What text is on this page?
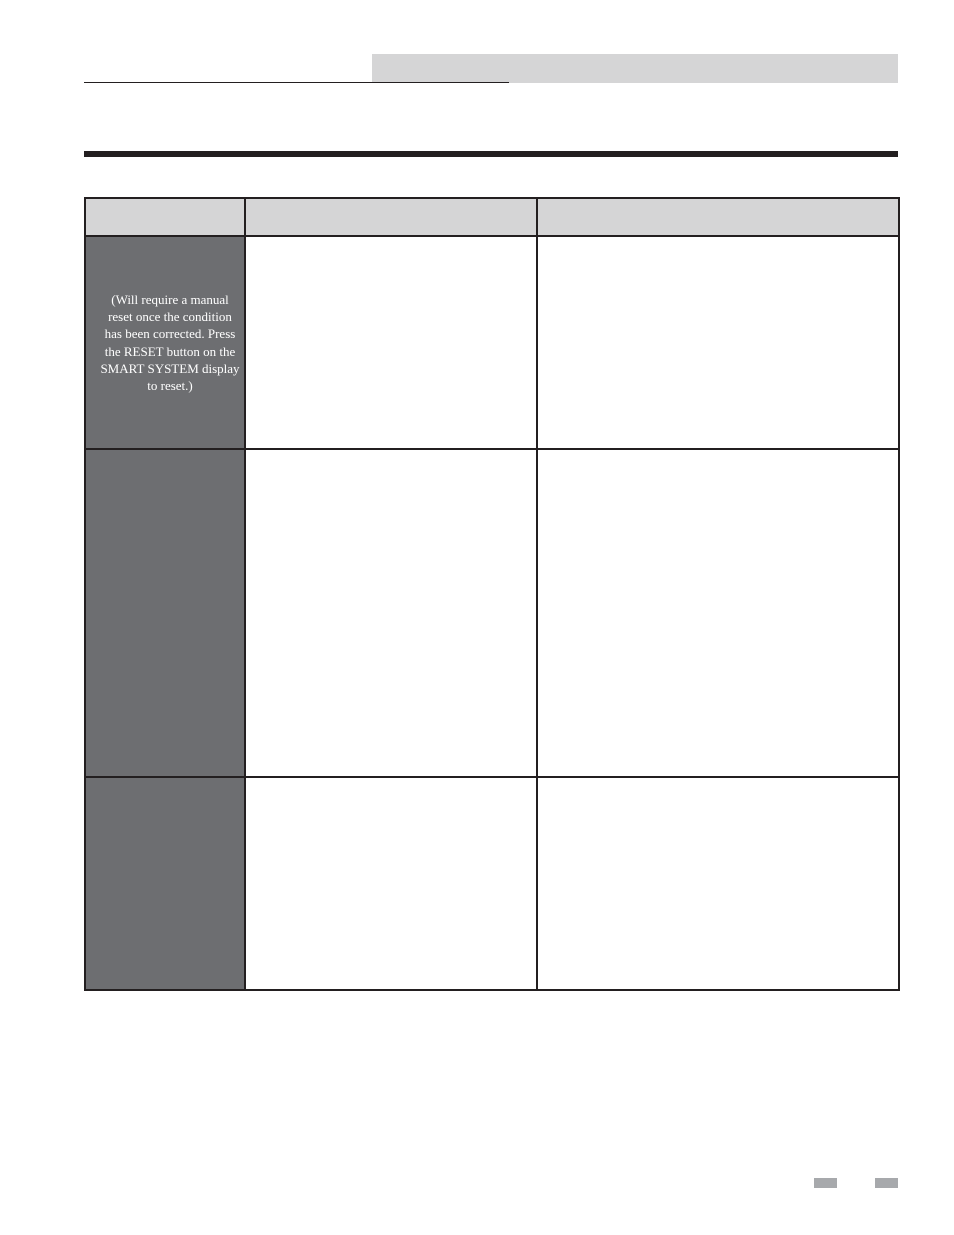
(Will require a manual reset once the condition has been corrected. Press the RESET button on the SMART SYSTEM display to reset.)		
